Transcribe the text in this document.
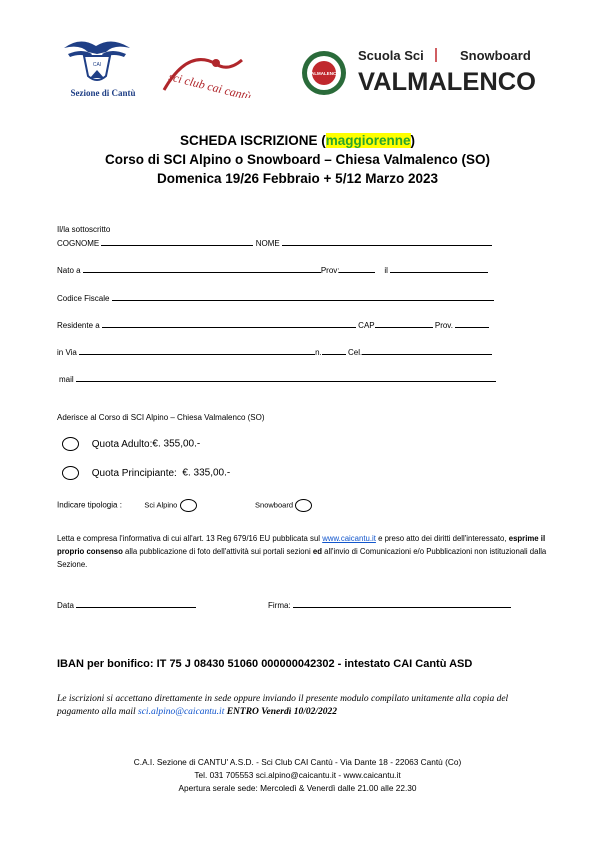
CAI
Sezione di Cantù	sci club cai cantù	VALMALENCO
Scuola Sci	Snowboard
VALMALENCO
SCHEDA ISCRIZIONE (maggiorenne)
Corso di SCI Alpino o Snowboard – Chiesa Valmalenco (SO)
Domenica 19/26 Febbraio + 5/12 Marzo 2023
Il/la sottoscritto
COGNOME	NOME
Nato a	Prov:	il
Codice Fiscale
Residente a	CAP	Prov.
in Via	n.	Cel.
mail
Aderisce al Corso di SCI Alpino – Chiesa Valmalenco (SO)
Quota Adulto:€. 355,00.-
Quota Principiante: €. 335,00.-
Indicare tipologia :	Sci Alpino	Snowboard
Letta e compresa l'informativa di cui all'art. 13 Reg 679/16 EU pubblicata sul www.caicantu.it e preso atto dei diritti dell'interessato, esprime il proprio consenso alla pubblicazione di foto dell'attività sui portali sezioni ed all'invio di Comunicazioni e/o Pubblicazioni non istituzionali dalla Sezione.
Data	Firma:
IBAN per bonifico: IT 75 J 08430 51060 000000042302 - intestato CAI Cantù ASD
Le iscrizioni si accettano direttamente in sede oppure inviando il presente modulo compilato unitamente alla copia del pagamento alla mail sci.alpino@caicantu.it ENTRO Venerdì 10/02/2022
C.A.I. Sezione di CANTU' A.S.D. - Sci Club CAI Cantù - Via Dante 18 - 22063 Cantù (Co)
Tel. 031 705553 sci.alpino@caicantu.it - www.caicantu.it
Apertura serale sede: Mercoledì & Venerdì dalle 21.00 alle 22.30
